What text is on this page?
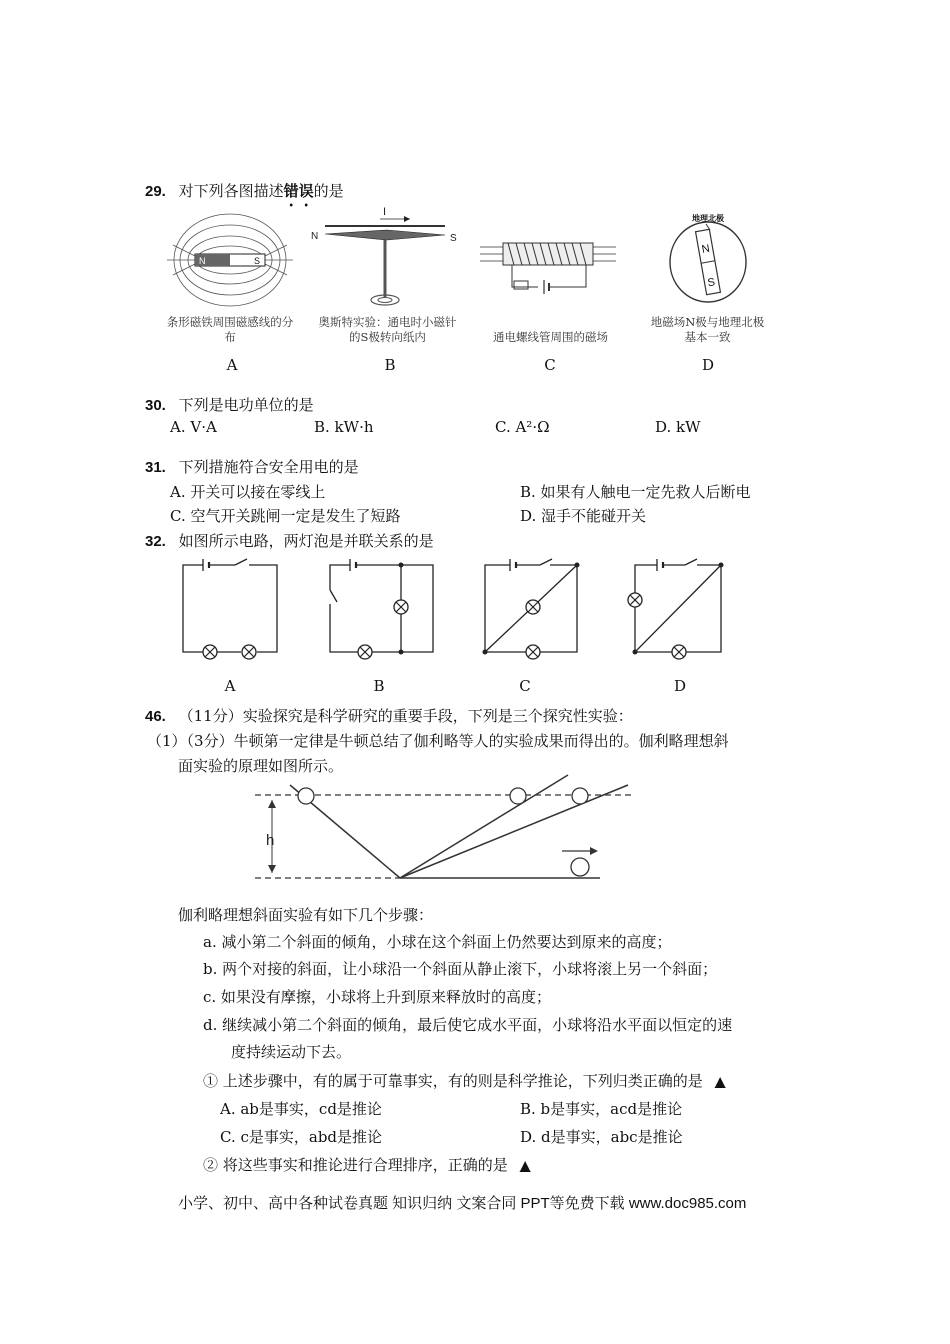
29. 对下列各图描述错误的是
N	S
条形磁铁周围磁感线的分布
A
I
N	S
奥斯特实验：通电时小磁针的S极转向纸内
B
通电螺线管周围的磁场
C
地理北极
N
S
地磁场N极与地理北极基本一致
D
30. 下列是电功单位的是
A. V·A	B. kW·h	C. A²·Ω	D. kW
31. 下列措施符合安全用电的是
A. 开关可以接在零线上	B. 如果有人触电一定先救人后断电
C. 空气开关跳闸一定是发生了短路	D. 湿手不能碰开关
32. 如图所示电路，两灯泡是并联关系的是
A	B	C	D
46. （11分）实验探究是科学研究的重要手段，下列是三个探究性实验：
（1）（3分）牛顿第一定律是牛顿总结了伽利略等人的实验成果而得出的。伽利略理想斜
面实验的原理如图所示。
h
伽利略理想斜面实验有如下几个步骤：
a. 减小第二个斜面的倾角，小球在这个斜面上仍然要达到原来的高度；
b. 两个对接的斜面，让小球沿一个斜面从静止滚下，小球将滚上另一个斜面；
c. 如果没有摩擦，小球将上升到原来释放时的高度；
d. 继续减小第二个斜面的倾角，最后使它成水平面，小球将沿水平面以恒定的速
度持续运动下去。
① 上述步骤中，有的属于可靠事实，有的则是科学推论，下列归类正确的是 ▲
A. ab是事实，cd是推论	B. b是事实，acd是推论
C. c是事实，abd是推论	D. d是事实，abc是推论
② 将这些事实和推论进行合理排序，正确的是 ▲
小学、初中、高中各种试卷真题 知识归纳 文案合同 PPT等免费下载 www.doc985.com
